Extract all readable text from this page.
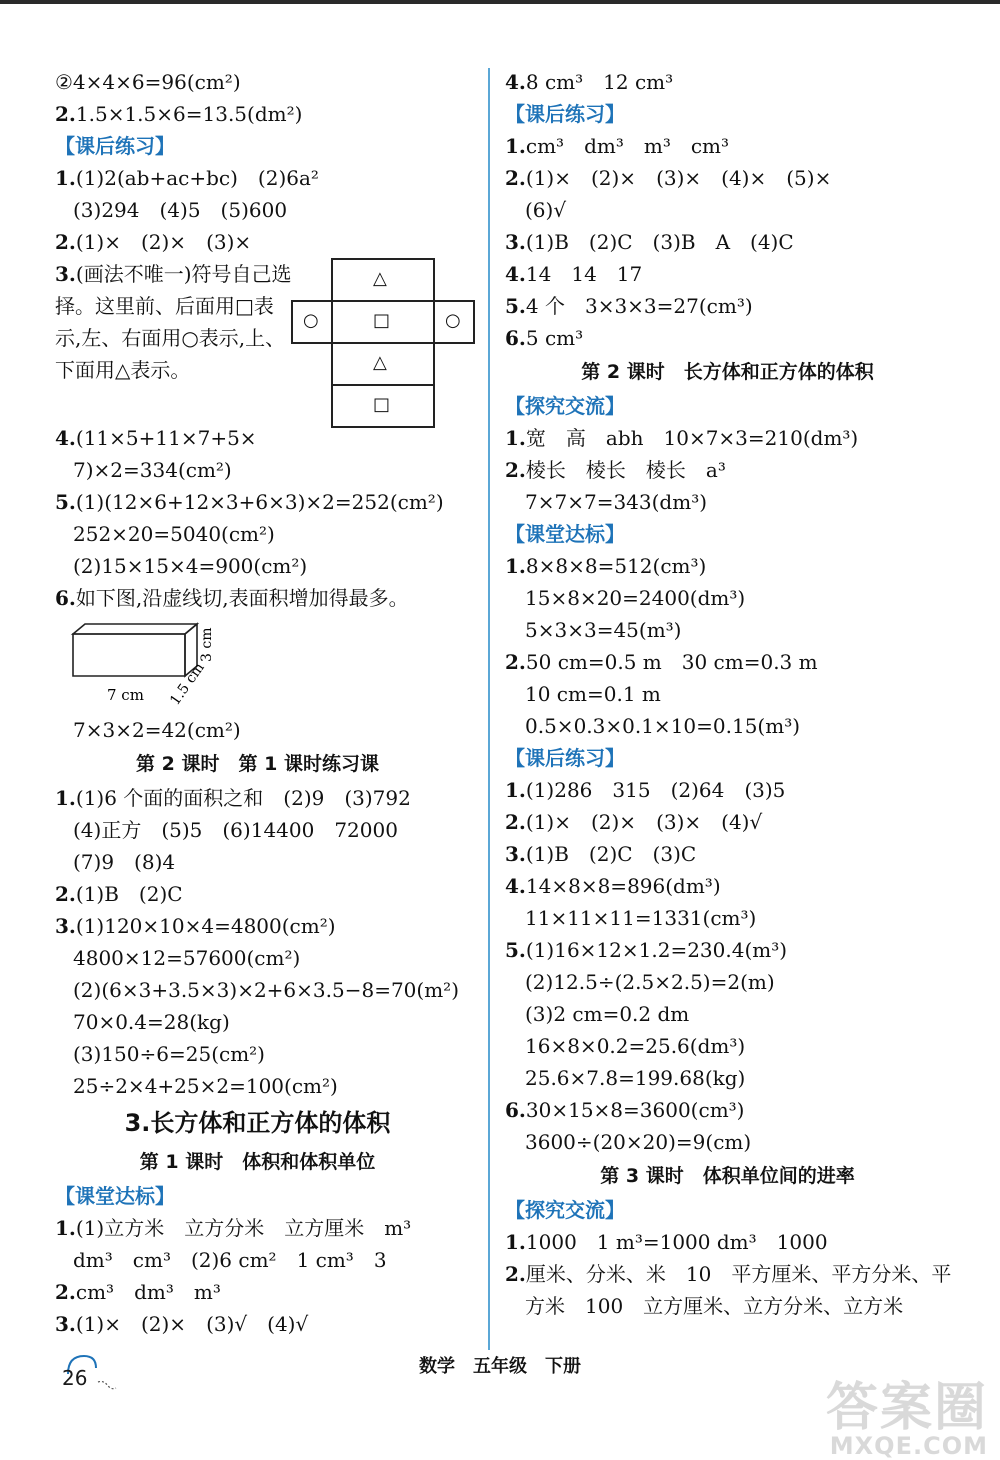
②4×4×6=96(cm²)
2.1.5×1.5×6=13.5(dm²)
【课后练习】
1.(1)2(ab+ac+bc)　(2)6a²
(3)294　(4)5　(5)600
2.(1)×　(2)×　(3)×
3.(画法不唯一)符号自己选择。这里前、后面用□表示,左、右面用○表示,上、下面用△表示。
△
○	□	○
△
□
4.(11×5+11×7+5×
7)×2=334(cm²)
5.(1)(12×6+12×3+6×3)×2=252(cm²)
252×20=5040(cm²)
(2)15×15×4=900(cm²)
6.如下图,沿虚线切,表面积增加得最多。
7 cm 1.5 cm
3 cm
7×3×2=42(cm²)
第 2 课时　第 1 课时练习课
1.(1)6 个面的面积之和　(2)9　(3)792
(4)正方　(5)5　(6)14400　72000
(7)9　(8)4
2.(1)B　(2)C
3.(1)120×10×4=4800(cm²)
4800×12=57600(cm²)
(2)(6×3+3.5×3)×2+6×3.5−8=70(m²)
70×0.4=28(kg)
(3)150÷6=25(cm²)
25÷2×4+25×2=100(cm²)
3.长方体和正方体的体积
第 1 课时　体积和体积单位
【课堂达标】
1.(1)立方米　立方分米　立方厘米　m³
dm³　cm³　(2)6 cm²　1 cm³　3
2.cm³　dm³　m³
3.(1)×　(2)×　(3)√　(4)√
4.8 cm³　12 cm³
【课后练习】
1.cm³　dm³　m³　cm³
2.(1)×　(2)×　(3)×　(4)×　(5)×
(6)√
3.(1)B　(2)C　(3)B　A　(4)C
4.14　14　17
5.4 个　3×3×3=27(cm³)
6.5 cm³
第 2 课时　长方体和正方体的体积
【探究交流】
1.宽　高　abh　10×7×3=210(dm³)
2.棱长　棱长　棱长　a³
7×7×7=343(dm³)
【课堂达标】
1.8×8×8=512(cm³)
15×8×20=2400(dm³)
5×3×3=45(m³)
2.50 cm=0.5 m　30 cm=0.3 m
10 cm=0.1 m
0.5×0.3×0.1×10=0.15(m³)
【课后练习】
1.(1)286　315　(2)64　(3)5
2.(1)×　(2)×　(3)×　(4)√
3.(1)B　(2)C　(3)C
4.14×8×8=896(dm³)
11×11×11=1331(cm³)
5.(1)16×12×1.2=230.4(m³)
(2)12.5÷(2.5×2.5)=2(m)
(3)2 cm=0.2 dm
16×8×0.2=25.6(dm³)
25.6×7.8=199.68(kg)
6.30×15×8=3600(cm³)
3600÷(20×20)=9(cm)
第 3 课时　体积单位间的进率
【探究交流】
1.1000　1 m³=1000 dm³　1000
2.厘米、分米、米　10　平方厘米、平方分米、平
方米　100　立方厘米、立方分米、立方米
26	数学　五年级　下册
答案圈
MXQE.COM
